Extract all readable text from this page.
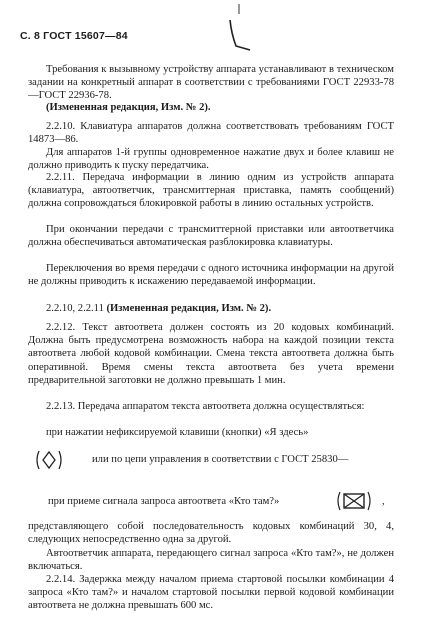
С. 8 ГОСТ 15607—84
Требования к вызывному устройству аппарата устанавливают в техническом задании на конкретный аппарат в соответствии с требованиями ГОСТ 22933-78—ГОСТ 22936-78.
(Измененная редакция, Изм. № 2).
2.2.10. Клавиатура аппаратов должна соответствовать требованиям ГОСТ 14873—86.
Для аппаратов 1-й группы одновременное нажатие двух и более клавиш не должно приводить к пуску передатчика.
2.2.11. Передача информации в линию одним из устройств аппарата (клавиатура, автоответчик, трансмиттерная приставка, память сообщений) должна сопровождаться блокировкой работы в линию остальных устройств.
При окончании передачи с трансмиттерной приставки или автоответчика должна обеспечиваться автоматическая разблокировка клавиатуры.
Переключения во время передачи с одного источника информации на другой не должны приводить к искажению передаваемой информации.
2.2.10, 2.2.11 (Измененная редакция, Изм. № 2).
2.2.12. Текст автоответа должен состоять из 20 кодовых комбинаций. Должна быть предусмотрена возможность набора на каждой позиции текста автоответа любой кодовой комбинации. Смена текста автоответа должна быть оперативной. Время смены текста автоответа без учета времени предварительной заготовки не должно превышать 1 мин.
2.2.13. Передача аппаратом текста автоответа должна осуществляться:
при нажатии нефиксируемой клавиши (кнопки) «Я здесь»
или по цепи управления в соответствии с ГОСТ 25830—
при приеме сигнала запроса автоответа «Кто там?»	,
представляющего собой последовательность кодовых комбинаций 30, 4, следующих непосредственно одна за другой.
Автоответчик аппарата, передающего сигнал запроса «Кто там?», не должен включаться.
2.2.14. Задержка между началом приема стартовой посылки комбинации 4 запроса «Кто там?» и началом стартовой посылки первой кодовой комбинации автоответа не должна превышать 600 мс.
